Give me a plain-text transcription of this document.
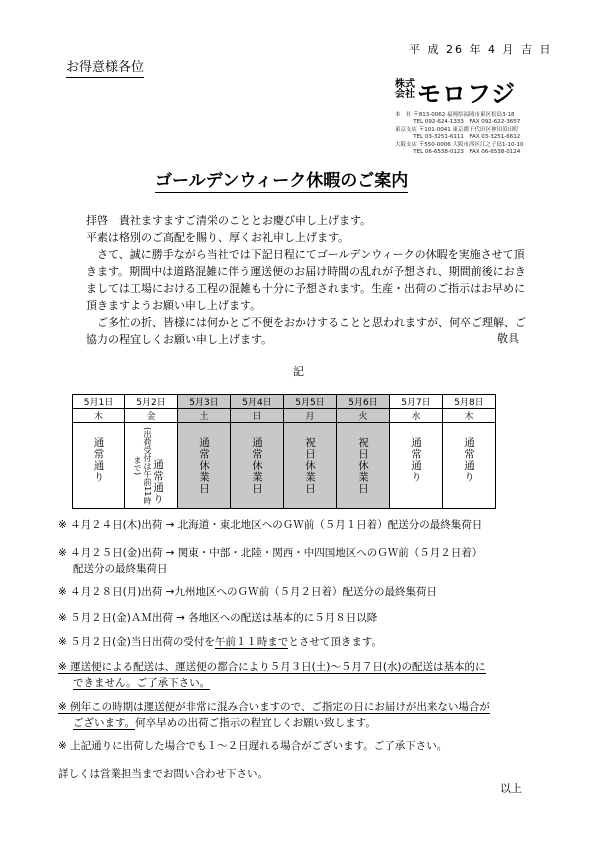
平 成 26 年 4 月 吉 日
お得意様各位
株式会社 モロフジ
本　社 〒813-0062 福岡県福岡市東区松島3-18
　　　 TEL 092-624-1333　FAX 092-622-3657
東京支店 〒101-0041 東京都千代田区神田須田町
　　　 TEL 03-3251-6111　FAX 03-3251-6612
大阪支店 〒550-0006 大阪市西区江之子島1-10-10
　　　 TEL 06-6538-0123　FAX 06-6538-0124
ゴールデンウィーク休暇のご案内

拝啓　貴社ますますご清栄のこととお慶び申し上げます。

平素は格別のご高配を賜り、厚くお礼申し上げます。

さて、誠に勝手ながら当社では下記日程にてゴールデンウィークの休暇を実施させて頂きます。期間中は道路混雑に伴う運送便のお届け時間の乱れが予想され、期間前後におきましては工場における工程の混雑も十分に予想されます。生産・出荷のご指示はお早めに頂きますようお願い申し上げます。

ご多忙の折、皆様には何かとご不便をおかけすることと思われますが、何卒ご理解、ご協力の程宜しくお願い申し上げます。	敬具
記
5月1日	5月2日	5月3日	5月4日	5月5日	5月6日	5月7日	5月8日
木	金	土	日	月	火	水	木
通常通り	(出荷受付は午前11時まで) 通常通り	通常休業日	通常休業日	祝日休業日	祝日休業日	通常通り	通常通り
※ ４月２４日(木)出荷 → 北海道・東北地区へのＧＷ前（５月１日着）配送分の最終集荷日
※ ４月２５日(金)出荷 → 関東・中部・北陸・関西・中四国地区へのＧＷ前（５月２日着）
配送分の最終集荷日
※ ４月２８日(月)出荷 →九州地区へのＧＷ前（５月２日着）配送分の最終集荷日
※ ５月２日(金)ＡＭ出荷 → 各地区への配送は基本的に５月８日以降
※ ５月２日(金)当日出荷の受付を午前１１時までとさせて頂きます。
※ 運送便による配送は、運送便の都合により５月３日(土)～５月７日(水)の配送は基本的に
できません。ご了承下さい。
※ 例年この時期は運送便が非常に混み合いますので、ご指定の日にお届けが出来ない場合が
ございます。何卒早めの出荷ご指示の程宜しくお願い致します。
※ 上記通りに出荷した場合でも１～２日遅れる場合がございます。ご了承下さい。
詳しくは営業担当までお問い合わせ下さい。
以上
